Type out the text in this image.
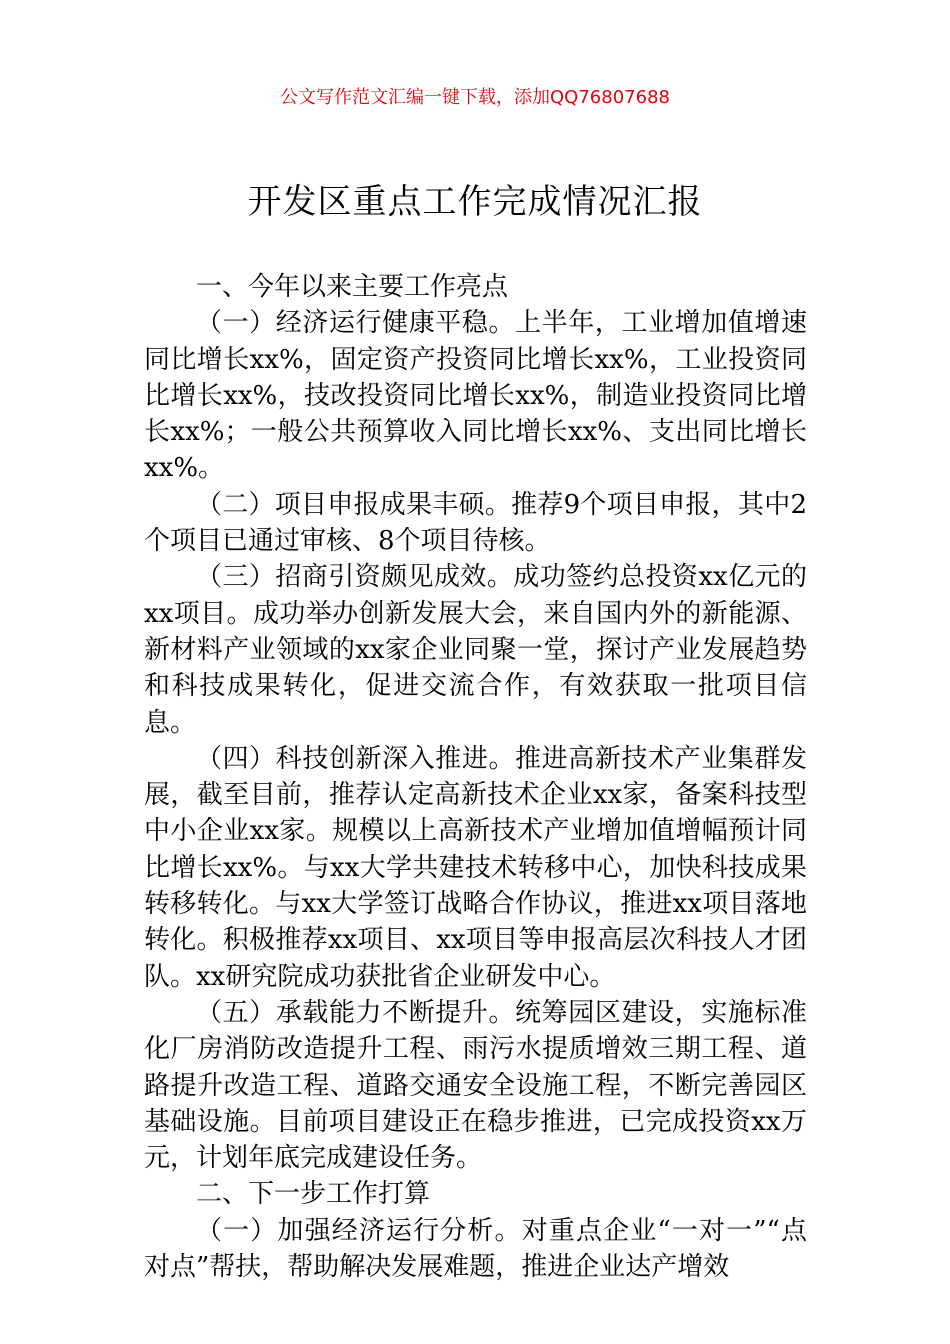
公文写作范文汇编一键下载，添加QQ76807688
开发区重点工作完成情况汇报

一、今年以来主要工作亮点

（一）经济运行健康平稳。上半年，工业增加值增速同比增长xx%，固定资产投资同比增长xx%，工业投资同比增长xx%，技改投资同比增长xx%，制造业投资同比增长xx%；一般公共预算收入同比增长xx%、支出同比增长xx%。

（二）项目申报成果丰硕。推荐9个项目申报，其中2个项目已通过审核、8个项目待核。

（三）招商引资颇见成效。成功签约总投资xx亿元的xx项目。成功举办创新发展大会，来自国内外的新能源、新材料产业领域的xx家企业同聚一堂，探讨产业发展趋势和科技成果转化，促进交流合作，有效获取一批项目信息。

（四）科技创新深入推进。推进高新技术产业集群发展，截至目前，推荐认定高新技术企业xx家，备案科技型中小企业xx家。规模以上高新技术产业增加值增幅预计同比增长xx%。与xx大学共建技术转移中心，加快科技成果转移转化。与xx大学签订战略合作协议，推进xx项目落地转化。积极推荐xx项目、xx项目等申报高层次科技人才团队。xx研究院成功获批省企业研发中心。

（五）承载能力不断提升。统筹园区建设，实施标准化厂房消防改造提升工程、雨污水提质增效三期工程、道路提升改造工程、道路交通安全设施工程，不断完善园区基础设施。目前项目建设正在稳步推进，已完成投资xx万元，计划年底完成建设任务。

二、下一步工作打算

（一）加强经济运行分析。对重点企业“一对一”“点对点”帮扶，帮助解决发展难题，推进企业达产增效
